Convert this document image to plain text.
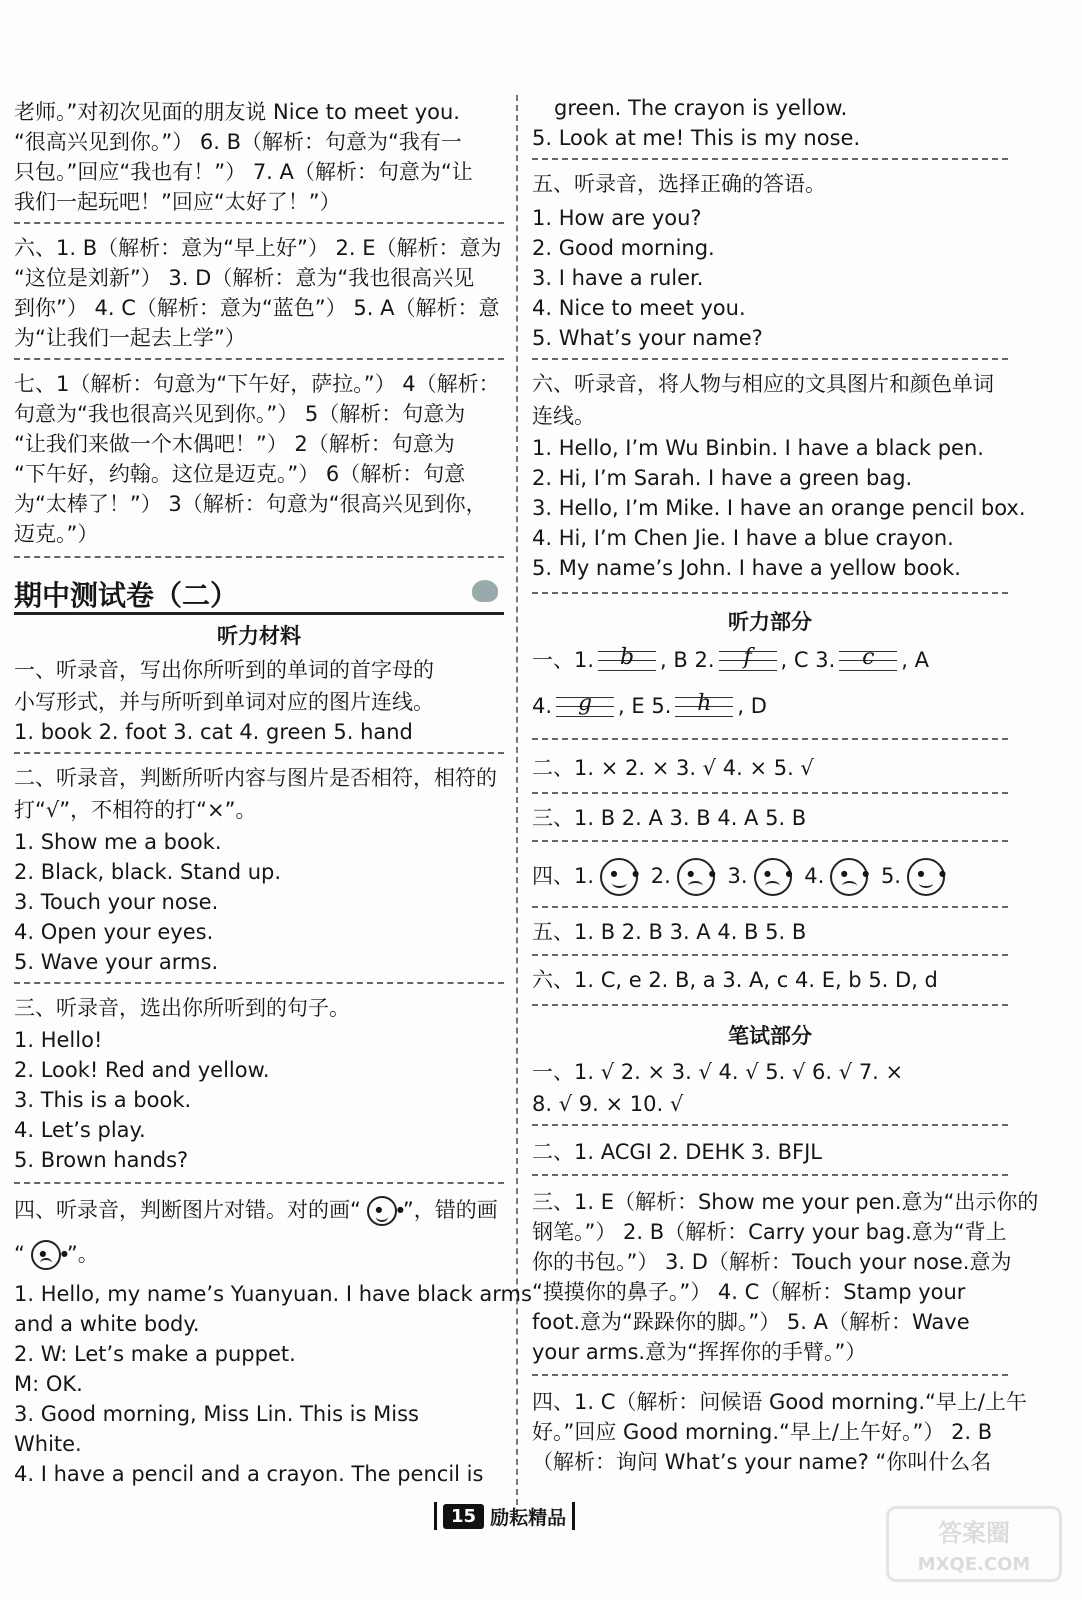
老师。”对初次见面的朋友说 Nice to meet you.
“很高兴见到你。”） 6. B（解析：句意为“我有一
只包。”回应“我也有！”） 7. A（解析：句意为“让
我们一起玩吧！”回应“太好了！”）
六、1. B（解析：意为“早上好”） 2. E（解析：意为
“这位是刘新”） 3. D（解析：意为“我也很高兴见
到你”） 4. C（解析：意为“蓝色”） 5. A（解析：意
为“让我们一起去上学”）
七、1（解析：句意为“下午好，萨拉。”） 4（解析：
句意为“我也很高兴见到你。”） 5（解析：句意为
“让我们来做一个木偶吧！”） 2（解析：句意为
“下午好，约翰。这位是迈克。”） 6（解析：句意
为“太棒了！”） 3（解析：句意为“很高兴见到你，
迈克。”）
期中测试卷（二）
听力材料
一、听录音，写出你所听到的单词的首字母的
小写形式，并与所听到单词对应的图片连线。
1. book 2. foot 3. cat 4. green 5. hand
二、听录音，判断所听内容与图片是否相符，相符的
打“√”，不相符的打“×”。
1. Show me a book.
2. Black, black. Stand up.
3. Touch your nose.
4. Open your eyes.
5. Wave your arms.
三、听录音，选出你所听到的句子。
1. Hello!
2. Look! Red and yellow.
3. This is a book.
4. Let’s play.
5. Brown hands?
四、听录音，判断图片对错。对的画“ ● ●
”，错的画
“ ● ●
”。
1. Hello, my name’s Yuanyuan. I have black arms
and a white body.
2. W: Let’s make a puppet.
M: OK.
3. Good morning, Miss Lin. This is Miss
White.
4. I have a pencil and a crayon. The pencil is
green. The crayon is yellow.
5. Look at me! This is my nose.
五、听录音，选择正确的答语。
1. How are you?
2. Good morning.
3. I have a ruler.
4. Nice to meet you.
5. What’s your name?
六、听录音，将人物与相应的文具图片和颜色单词
连线。
1. Hello, I’m Wu Binbin. I have a black pen.
2. Hi, I’m Sarah. I have a green bag.
3. Hello, I’m Mike. I have an orange pencil box.
4. Hi, I’m Chen Jie. I have a blue crayon.
5. My name’s John. I have a yellow book.
听力部分
一、1.	b	, B 2.	f	, C 3.	c	, A
4.	g	, E 5.	h	, D
二、1. × 2. × 3. √ 4. × 5. √
三、1. B 2. A 3. B 4. A 5. B
四、1. ● ● 2. ● ● 3. ● ● 4. ● ● 5. ● ●
五、1. B 2. B 3. A 4. B 5. B
六、1. C, e 2. B, a 3. A, c 4. E, b 5. D, d
笔试部分
一、1. √ 2. × 3. √ 4. √ 5. √ 6. √ 7. ×
8. √ 9. × 10. √
二、1. ACGI 2. DEHK 3. BFJL
三、1. E（解析：Show me your pen.意为“出示你的
钢笔。”） 2. B（解析：Carry your bag.意为“背上
你的书包。”） 3. D（解析：Touch your nose.意为
“摸摸你的鼻子。”） 4. C（解析：Stamp your
foot.意为“跺跺你的脚。”） 5. A（解析：Wave
your arms.意为“挥挥你的手臂。”）
四、1. C（解析：问候语 Good morning.“早上/上午
好。”回应 Good morning.“早上/上午好。”） 2. B
（解析：询问 What’s your name? “你叫什么名
15 励耘精品
答案圈
MXQE.COM
